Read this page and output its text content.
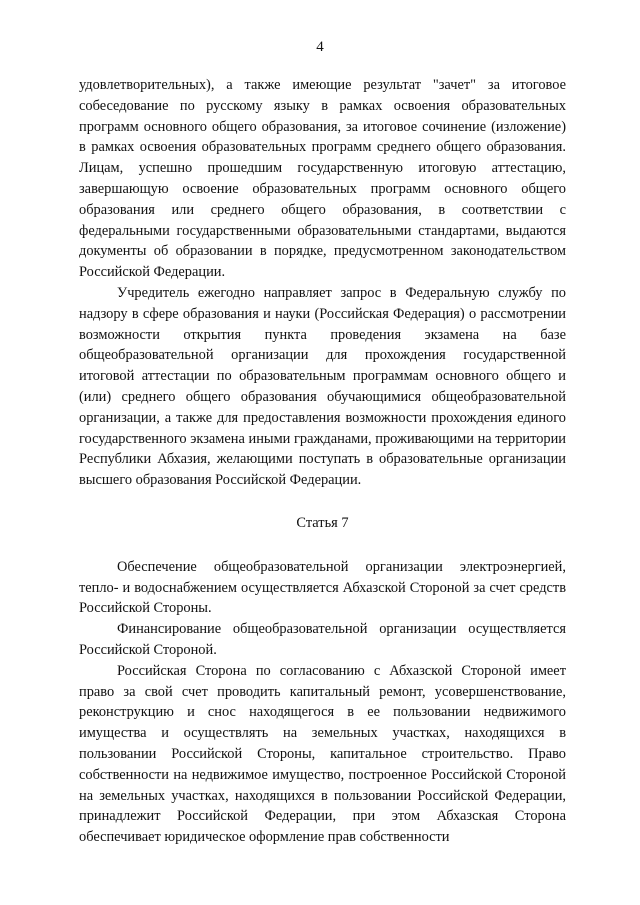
4

удовлетворительных), а также имеющие результат "зачет" за итоговое собеседование по русскому языку в рамках освоения образовательных программ основного общего образования, за итоговое сочинение (изложение) в рамках освоения образовательных программ среднего общего образования. Лицам, успешно прошедшим государственную итоговую аттестацию, завершающую освоение образовательных программ основного общего образования или среднего общего образования, в соответствии с федеральными государственными образовательными стандартами, выдаются документы об образовании в порядке, предусмотренном законодательством Российской Федерации.

Учредитель ежегодно направляет запрос в Федеральную службу по надзору в сфере образования и науки (Российская Федерация) о рассмотрении возможности открытия пункта проведения экзамена на базе общеобразовательной организации для прохождения государственной итоговой аттестации по образовательным программам основного общего и (или) среднего общего образования обучающимися общеобразовательной организации, а также для предоставления возможности прохождения единого государственного экзамена иными гражданами, проживающими на территории Республики Абхазия, желающими поступать в образовательные организации высшего образования Российской Федерации.

Статья 7

Обеспечение общеобразовательной организации электроэнергией, тепло- и водоснабжением осуществляется Абхазской Стороной за счет средств Российской Стороны.

Финансирование общеобразовательной организации осуществляется Российской Стороной.

Российская Сторона по согласованию с Абхазской Стороной имеет право за свой счет проводить капитальный ремонт, усовершенствование, реконструкцию и снос находящегося в ее пользовании недвижимого имущества и осуществлять на земельных участках, находящихся в пользовании Российской Стороны, капитальное строительство. Право собственности на недвижимое имущество, построенное Российской Стороной на земельных участках, находящихся в пользовании Российской Федерации, принадлежит Российской Федерации, при этом Абхазская Сторона обеспечивает юридическое оформление прав собственности
